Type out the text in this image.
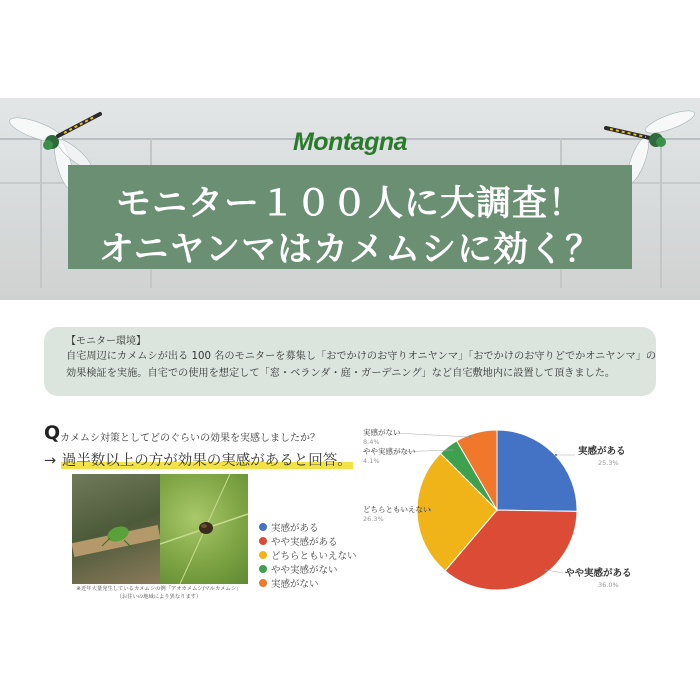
Montagna
モニター１００人に大調査！
オニヤンマはカメムシに効く？
【モニター環境】
自宅周辺にカメムシが出る 100 名のモニターを募集し「おでかけのお守りオニヤンマ」「おでかけのお守りどでかオニヤンマ」の
効果検証を実施。自宅での使用を想定して「窓・ベランダ・庭・ガーデニング」など自宅敷地内に設置して頂きました。
Q カメムシ対策としてどのぐらいの効果を実感しましたか？
→ 過半数以上の方が効果の実感があると回答。
※近年大量発生しているカメムシの例「アオカメムシ/マルカメムシ」
（お住いの地域により異なります）
実感がある
やや実感がある
どちらともいえない
やや実感がない
実感がない
実感がある
25.3%
やや実感がある
36.0%
どちらともいえない
26.3%
実感がない
8.4%
やや実感がない
4.1%
